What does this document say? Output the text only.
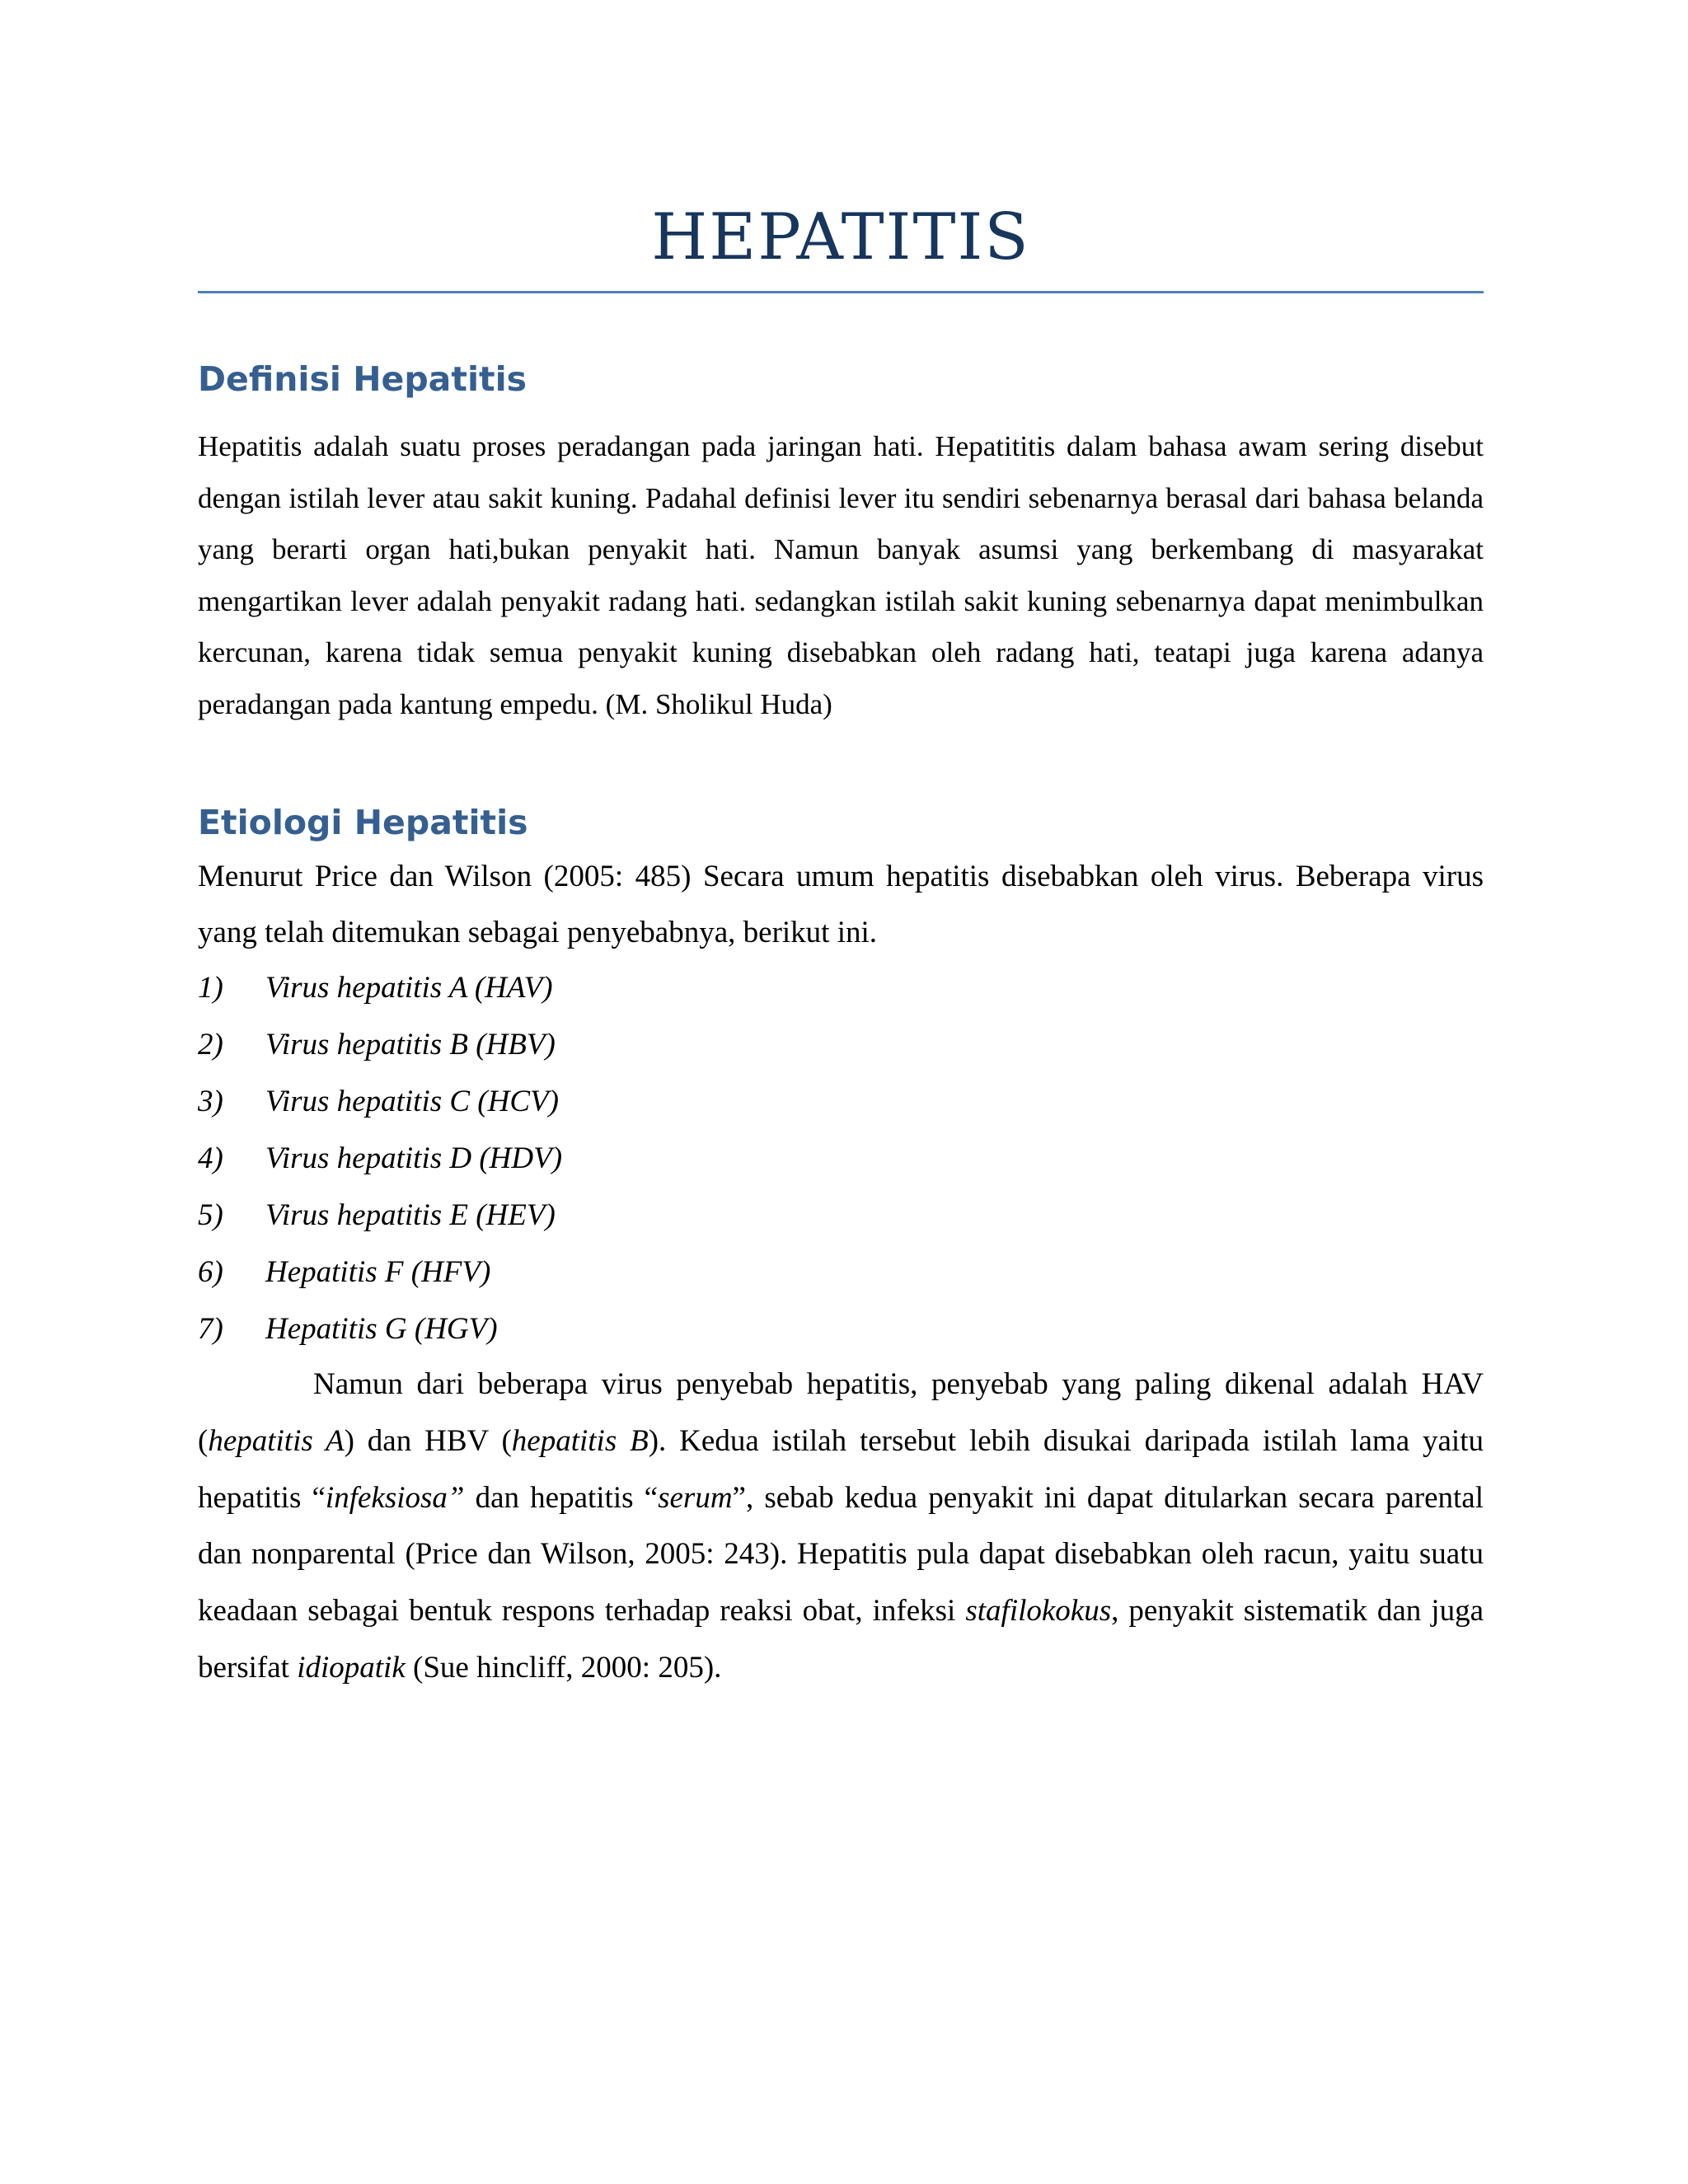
HEPATITIS
Definisi Hepatitis

Hepatitis adalah suatu proses peradangan pada jaringan hati. Hepatititis dalam bahasa awam sering disebut dengan istilah lever atau sakit kuning. Padahal definisi lever itu sendiri sebenarnya berasal dari bahasa belanda yang berarti organ hati,bukan penyakit hati. Namun banyak asumsi yang berkembang di masyarakat mengartikan lever adalah penyakit radang hati. sedangkan istilah sakit kuning sebenarnya dapat menimbulkan kercunan, karena tidak semua penyakit kuning disebabkan oleh radang hati, teatapi juga karena adanya peradangan pada kantung empedu. (M. Sholikul Huda)

Etiologi Hepatitis

Menurut Price dan Wilson (2005: 485) Secara umum hepatitis disebabkan oleh virus. Beberapa virus yang telah ditemukan sebagai penyebabnya, berikut ini.

1)	Virus hepatitis A (HAV)
2)	Virus hepatitis B (HBV)
3)	Virus hepatitis C (HCV)
4)	Virus hepatitis D (HDV)
5)	Virus hepatitis E (HEV)
6)	Hepatitis F (HFV)
7)	Hepatitis G (HGV)

Namun dari beberapa virus penyebab hepatitis, penyebab yang paling dikenal adalah HAV (hepatitis A) dan HBV (hepatitis B). Kedua istilah tersebut lebih disukai daripada istilah lama yaitu hepatitis “infeksiosa” dan hepatitis “serum”, sebab kedua penyakit ini dapat ditularkan secara parental dan nonparental (Price dan Wilson, 2005: 243). Hepatitis pula dapat disebabkan oleh racun, yaitu suatu keadaan sebagai bentuk respons terhadap reaksi obat, infeksi stafilokokus, penyakit sistematik dan juga bersifat idiopatik (Sue hincliff, 2000: 205).
